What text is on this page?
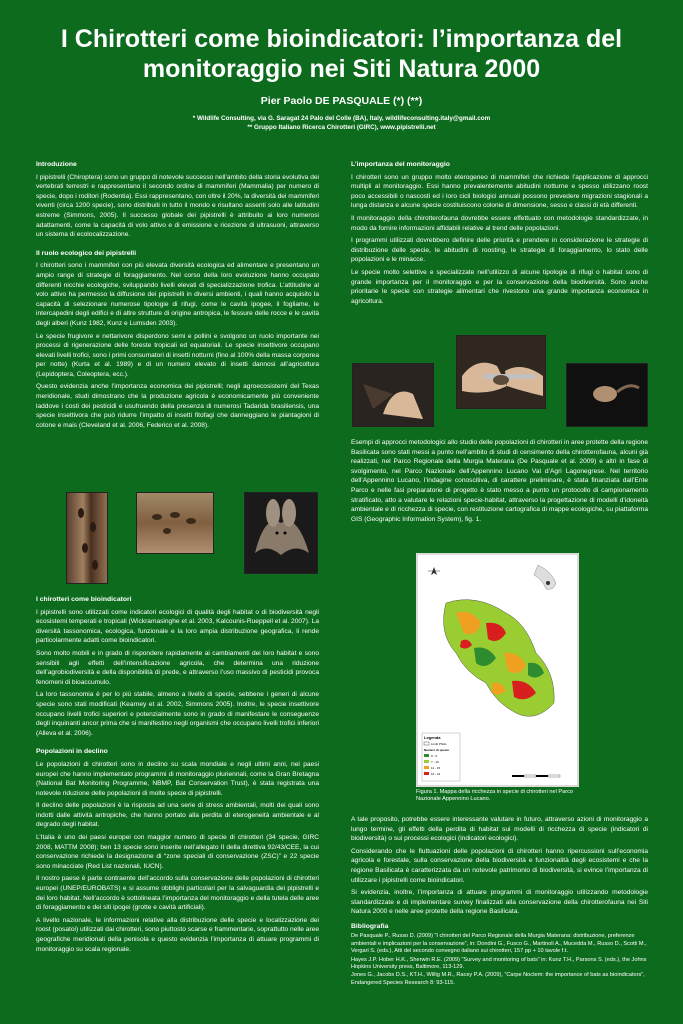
I Chirotteri come bioindicatori: l’importanza del
monitoraggio nei Siti Natura 2000
Pier Paolo DE PASQUALE (*) (**)
* Wildlife Consulting, via G. Saragat 24 Palo del Colle (BA), Italy, wildlifeconsulting.italy@gmail.com
** Gruppo Italiano Ricerca Chirotteri (GIRC), www.pipistrelli.net
Introduzione

I pipistrelli (Chiroptera) sono un gruppo di notevole successo nell’ambito della storia evolutiva dei vertebrati terrestri e rappresentano il secondo ordine di mammiferi (Mammalia) per numero di specie, dopo i roditori (Rodentia). Essi rappresentano, con oltre il 20%, la diversità dei mammiferi viventi (circa 1200 specie), sono distribuiti in tutto il mondo e risultano assenti solo alle latitudini estreme (Simmons, 2005). Il successo globale dei pipistrelli è attribuito ai loro numerosi adattamenti, come la capacità di volo attivo e di emissione e ricezione di ultrasuoni, attraverso un sistema di ecolocalizzazione.

Il ruolo ecologico dei pipistrelli

I chirotteri sono i mammiferi con più elevata diversità ecologica ed alimentare e presentano un ampio range di strategie di foraggiamento. Nel corso della loro evoluzione hanno occupato differenti nicchie ecologiche, sviluppando livelli elevati di specializzazione trofica. L’attitudine al volo attivo ha permesso la diffusione dei pipistrelli in diversi ambienti, i quali hanno acquisito la capacità di selezionare numerose tipologie di rifugi, come le cavità ipogee, il fogliame, le intercapedini degli edifici e di altre strutture di origine antropica, le fessure delle rocce e le cavità degli alberi (Kunz 1982, Kunz e Lumsden 2003).

Le specie frugivore e nettarivore disperdono semi e pollini e svolgono un ruolo importante nei processi di rigenerazione delle foreste tropicali ed equatoriali. Le specie insettivore occupano elevati livelli trofici, sono i primi consumatori di insetti notturni (fino al 100% della massa corporea per notte) (Kurta et al. 1989) e di un numero elevato di insetti dannosi all’agricoltura (Lepidoptera, Coleoptera, ecc.).

Questo evidenzia anche l’importanza economica dei pipistrelli; negli agroecosistemi del Texas meridionale, studi dimostrano che la produzione agricola è economicamente più conveniente laddove i costi dei pesticidi e usufruendo della presenza di numerosi Tadarida brasiliensis, una specie insettivora che può ridurre l’impatto di insetti fitofagi che danneggiano le piantagioni di cotone e mais (Cleveland et al. 2006, Federico et al. 2008).

I chirotteri come bioindicatori

I pipistrelli sono utilizzati come indicatori ecologici di qualità degli habitat o di biodiversità negli ecosistemi temperati e tropicali (Wickramasinghe et al. 2003, Kalcounis-Rueppell et al. 2007). La diversità tassonomica, ecologica, funzionale e la loro ampia distribuzione geografica, li rende particolarmente adatti come bioindicatori.

Sono molto mobili e in grado di rispondere rapidamente ai cambiamenti dei loro habitat e sono sensibili agli effetti dell’intensificazione agricola, che determina una riduzione dell’agrobiodiversità e della disponibilità di prede, e attraverso l’uso massivo di pesticidi provoca fenomeni di bioaccumulo.

La loro tassonomia è per lo più stabile, almeno a livello di specie, sebbene i generi di alcune specie sono stati modificati (Kearney et al. 2002, Simmons 2005). Inoltre, le specie insettivore occupano livelli trofici superiori e potenzialmente sono in grado di manifestare le conseguenze degli inquinanti ancor prima che si manifestino negli organismi che occupano livelli trofici inferiori (Alleva et al. 2006).

Popolazioni in declino

Le popolazioni di chirotteri sono in declino su scala mondiale e negli ultimi anni, nei paesi europei che hanno implementato programmi di monitoraggio pluriennali, come la Gran Bretagna (National Bat Monitoring Programme, NBMP, Bat Conservation Trust), è stata registrata una notevole riduzione delle popolazioni di molte specie di pipistrelli.

Il declino delle popolazioni è la risposta ad una serie di stress ambientali, molti dei quali sono indotti dalle attività antropiche, che hanno portato alla perdita di eterogeneità ambientale e al degrado degli habitat.

L’Italia è uno dei paesi europei con maggior numero di specie di chirotteri (34 specie, GIRC 2008, MATTM 2008); ben 13 specie sono inserite nell’allegato II della direttiva 92/43/CEE, la cui conservazione richiede la designazione di “zone speciali di conservazione (ZSC)” e 22 specie sono minacciate (Red List nazionali, IUCN).

Il nostro paese è parte contraente dell’accordo sulla conservazione delle popolazioni di chirotteri europei (UNEP/EUROBATS) e si assume obblighi particolari per la salvaguardia dei pipistrelli e dei loro habitat. Nell’accordo è sottolineata l’importanza del monitoraggio e della tutela delle aree di foraggiamento e dei siti ipogei (grotte e cavità artificiali).

A livello nazionale, le informazioni relative alla distribuzione delle specie e localizzazione dei roost (posatoi) utilizzati dai chirotteri, sono piuttosto scarse e frammentarie, soprattutto nelle aree geografiche meridionali della penisola e questo evidenzia l’importanza di attuare programmi di monitoraggio su scala regionale.

L’importanza del monitoraggio

I chirotteri sono un gruppo molto eterogeneo di mammiferi che richiede l’applicazione di approcci multipli al monitoraggio. Essi hanno prevalentemente abitudini notturne e spesso utilizzano roost poco accessibili o nascosti ed i loro cicli biologici annuali possono prevedere migrazioni stagionali a lunga distanza e alcune specie costituiscono colonie di dimensione, sesso e classi di età differenti.

Il monitoraggio della chirotterofauna dovrebbe essere effettuato con metodologie standardizzate, in modo da fornire informazioni affidabili relative al trend delle popolazioni.

I programmi utilizzati dovrebbero definire delle priorità e prendere in considerazione le strategie di distribuzione delle specie, le abitudini di roosting, le strategie di foraggiamento, lo stato delle popolazioni e le minacce.

Le specie molto selettive e specializzate nell’utilizzo di alcune tipologie di rifugi o habitat sono di grande importanza per il monitoraggio e per la conservazione della biodiversità. Sono anche prioritarie le specie con strategie alimentari che rivestono una grande importanza economica in agricoltura.

Esempi di approcci metodologici allo studio delle popolazioni di chirotteri in aree protette della regione Basilicata sono stati messi a punto nell’ambito di studi di censimento della chirotterofauna, alcuni già realizzati, nel Parco Regionale della Murgia Materana (De Pasquale et al. 2009) e altri in fase di svolgimento, nel Parco Nazionale dell’Appennino Lucano Val d’Agri Lagonegrese. Nel territorio dell’Appennino Lucano, l’indagine conoscitiva, di carattere preliminare, è stata finanziata dall’Ente Parco e nelle fasi preparatorie di progetto è stato messo a punto un protocollo di campionamento stratificato, atto a valutare le relazioni specie-habitat, attraverso la progettazione di modelli d’idoneità ambientale e di ricchezza di specie, con restituzione cartografica di mappe ecologiche, su piattaforma GIS (Geographic Information System), fig. 1.

Legenda
Limiti PNAL
Numero di specie
0 - 6
7 - 10
11 - 15
16 - 21
Figura 1. Mappa della ricchezza in specie di chirotteri nel Parco Nazionale Appennino Lucano.

A tale proposito, potrebbe essere interessante valutare in futuro, attraverso azioni di monitoraggio a lungo termine, gli effetti della perdita di habitat sui modelli di ricchezza di specie (indicatori di biodiversità) o sui processi ecologici (indicatori ecologici).

Considerando che le fluttuazioni delle popolazioni di chirotteri hanno ripercussioni sull’economia agricola e forestale, sulla conservazione della biodiversità e funzionalità degli ecosistemi e che la regione Basilicata è caratterizzata da un notevole patrimonio di biodiversità, si evince l’importanza di utilizzare i pipistrelli come bioindicatori.

Si evidenzia, inoltre, l’importanza di attuare programmi di monitoraggio utilizzando metodologie standardizzate e di implementare survey finalizzati alla conservazione della chirotterofauna nei Siti Natura 2000 e nelle aree protette della regione Basilicata.

Bibliografia

De Pasquale P., Russo D. (2009) “I chirotteri del Parco Regionale della Murgia Materana: distribuzione, preferenze ambientali e implicazioni per la conservazione”, in: Dondini G., Fusco G., Martinoli A., Mucedda M., Russo D., Scotti M., Vergari S. (eds.), Atti del secondo convegno italiano sui chirotteri, 157 pp + 10 tavole f.t.

Hayes J.P. Hober H.K., Sherwin R.E. (2009) “Survey and monitoring of bats” in: Kunz T.H., Parsons S. (eds.), the Johns Hopkins University press, Baltimore, 113-129.

Jones G., Jacobs D.S., KT.H., Willig M.R., Racey P.A. (2009), “Carpe Noctem: the importance of bats as bioindicators”, Endangered Species Research 8: 93-115.
